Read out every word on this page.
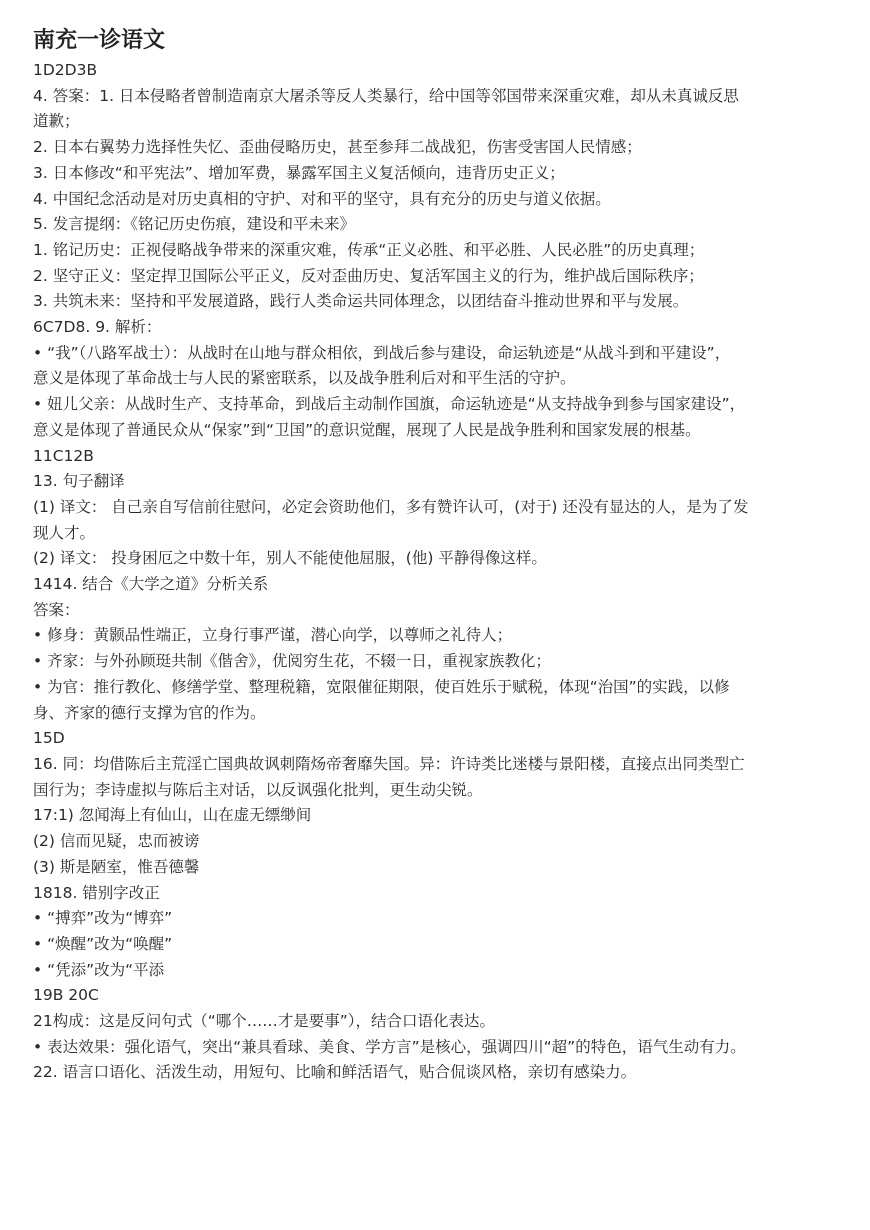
南充一诊语文

1D2D3B

4. 答案：1. 日本侵略者曾制造南京大屠杀等反人类暴行，给中国等邻国带来深重灾难，却从未真诚反思

道歉；

2. 日本右翼势力选择性失忆、歪曲侵略历史，甚至参拜二战战犯，伤害受害国人民情感；

3. 日本修改“和平宪法”、增加军费，暴露军国主义复活倾向，违背历史正义；

4. 中国纪念活动是对历史真相的守护、对和平的坚守，具有充分的历史与道义依据。

5. 发言提纲：《铭记历史伤痕，建设和平未来》

1. 铭记历史：正视侵略战争带来的深重灾难，传承“正义必胜、和平必胜、人民必胜”的历史真理；

2. 坚守正义：坚定捍卫国际公平正义，反对歪曲历史、复活军国主义的行为，维护战后国际秩序；

3. 共筑未来：坚持和平发展道路，践行人类命运共同体理念，以团结奋斗推动世界和平与发展。

6C7D8. 9. 解析：

• “我”（八路军战士）：从战时在山地与群众相依，到战后参与建设，命运轨迹是“从战斗到和平建设”，

意义是体现了革命战士与人民的紧密联系，以及战争胜利后对和平生活的守护。

• 妞儿父亲：从战时生产、支持革命，到战后主动制作国旗，命运轨迹是“从支持战争到参与国家建设”，

意义是体现了普通民众从“保家”到“卫国”的意识觉醒，展现了人民是战争胜利和国家发展的根基。

11C12B

13. 句子翻译

(1) 译文： 自己亲自写信前往慰问，必定会资助他们，多有赞许认可，(对于) 还没有显达的人，是为了发

现人才。

(2) 译文： 投身困厄之中数十年，别人不能使他屈服，(他) 平静得像这样。

1414. 结合《大学之道》分析关系

答案：

• 修身：黄颢品性端正，立身行事严谨，潜心向学，以尊师之礼待人；

• 齐家：与外孙顾珽共制《偕舍》，优阅穷生花，不辍一日，重视家族教化；

• 为官：推行教化、修缮学堂、整理税籍，宽限催征期限，使百姓乐于赋税，体现“治国”的实践，以修

身、齐家的德行支撑为官的作为。

15D

16. 同：均借陈后主荒淫亡国典故讽刺隋炀帝奢靡失国。异：许诗类比迷楼与景阳楼，直接点出同类型亡

国行为；李诗虚拟与陈后主对话，以反讽强化批判，更生动尖锐。

17:1) 忽闻海上有仙山，山在虚无缥缈间

(2) 信而见疑，忠而被谤

(3) 斯是陋室，惟吾德馨

1818. 错别字改正

• “搏弈”改为“博弈”

• “焕醒”改为“唤醒”

• “凭添”改为“平添

19B 20C

21构成：这是反问句式（“哪个……才是要事”），结合口语化表达。

• 表达效果：强化语气，突出“兼具看球、美食、学方言”是核心，强调四川“超”的特色，语气生动有力。

22. 语言口语化、活泼生动，用短句、比喻和鲜活语气，贴合侃谈风格，亲切有感染力。
